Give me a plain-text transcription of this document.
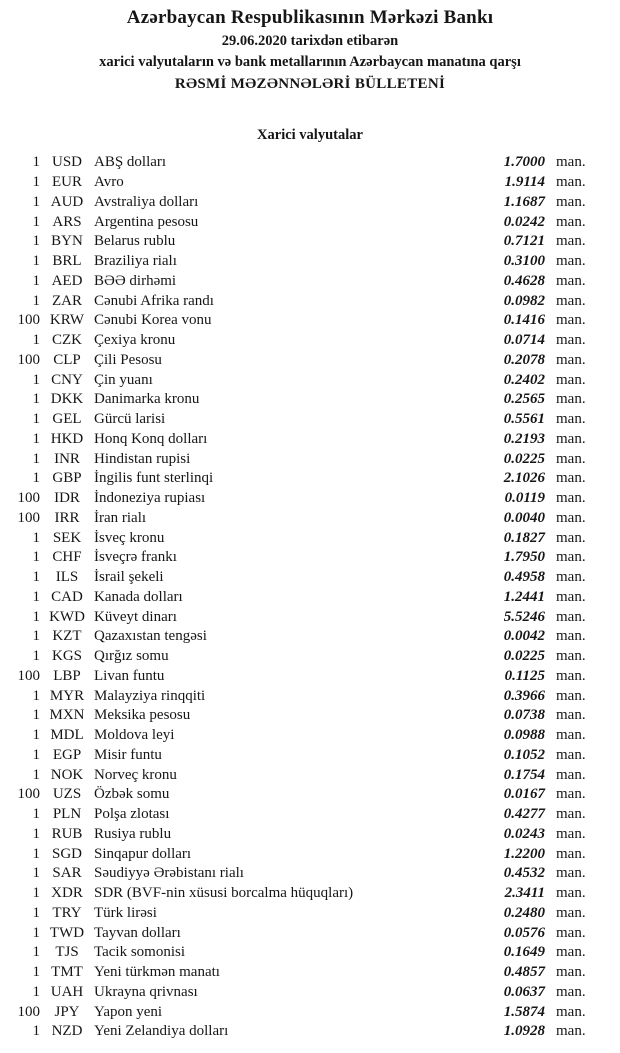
Azərbaycan Respublikasının Mərkəzi Bankı
29.06.2020 tarixdən etibarən
xarici valyutaların və bank metallarının Azərbaycan manatına qarşı
RƏSMİ MƏZƏNNƏLƏRİ BÜLLETENİ
Xarici valyutalar
1 USD ABŞ dolları	1.7000 man.
1 EUR Avro	1.9114 man.
1 AUD Avstraliya dolları	1.1687 man.
1 ARS Argentina pesosu	0.0242 man.
1 BYN Belarus rublu	0.7121 man.
1 BRL Braziliya rialı	0.3100 man.
1 AED BƏƏ dirhəmi	0.4628 man.
1 ZAR Cənubi Afrika randı	0.0982 man.
100 KRW Cənubi Korea vonu	0.1416 man.
1 CZK Çexiya kronu	0.0714 man.
100 CLP Çili Pesosu	0.2078 man.
1 CNY Çin yuanı	0.2402 man.
1 DKK Danimarka kronu	0.2565 man.
1 GEL Gürcü larisi	0.5561 man.
1 HKD Honq Konq dolları	0.2193 man.
1 INR Hindistan rupisi	0.0225 man.
1 GBP İngilis funt sterlinqi	2.1026 man.
100 IDR İndoneziya rupiası	0.0119 man.
100 IRR İran rialı	0.0040 man.
1 SEK İsveç kronu	0.1827 man.
1 CHF İsveçrə frankı	1.7950 man.
1	ILS	İsrail şekeli	0.4958 man.
1 CAD Kanada dolları	1.2441 man.
1 KWD Küveyt dinarı	5.5246 man.
1 KZT Qazaxıstan tengəsi	0.0042 man.
1 KGS Qırğız somu	0.0225 man.
100 LBP Livan funtu	0.1125 man.
1 MYR Malayziya rinqqiti	0.3966 man.
1 MXN Meksika pesosu	0.0738 man.
1 MDL Moldova leyi	0.0988 man.
1 EGP Misir funtu	0.1052 man.
1 NOK Norveç kronu	0.1754 man.
100 UZS Özbək somu	0.0167 man.
1 PLN Polşa zlotası	0.4277 man.
1 RUB Rusiya rublu	0.0243 man.
1 SGD Sinqapur dolları	1.2200 man.
1 SAR Səudiyyə Ərəbistanı rialı	0.4532 man.
1 XDR SDR (BVF-nin xüsusi borcalma hüquqları)	2.3411 man.
1 TRY Türk lirəsi	0.2480 man.
1 TWD Tayvan dolları	0.0576 man.
1	TJS	Tacik somonisi	0.1649 man.
1 TMT Yeni türkmən manatı	0.4857 man.
1 UAH Ukrayna qrivnası	0.0637 man.
100 JPY Yapon yeni	1.5874 man.
1 NZD Yeni Zelandiya dolları	1.0928 man.
